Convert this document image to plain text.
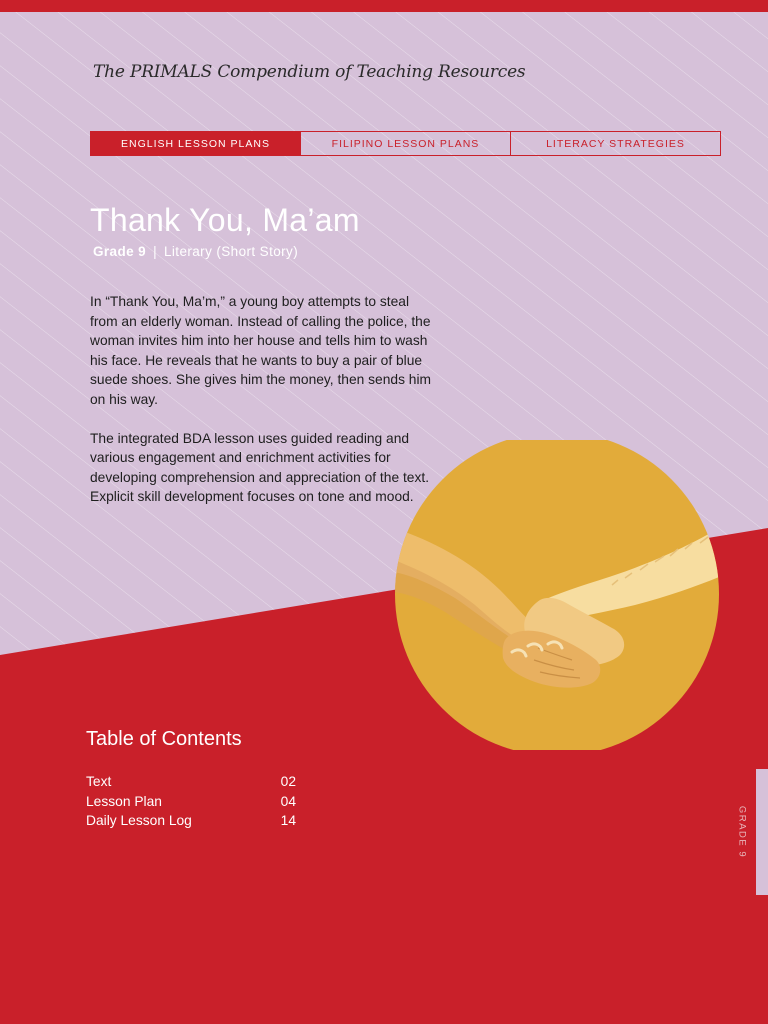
The PRIMALS Compendium of Teaching Resources
ENGLISH LESSON PLANS	FILIPINO LESSON PLANS	LITERACY STRATEGIES
Thank You, Ma’am
Grade 9 | Literary (Short Story)

In “Thank You, Ma’m,” a young boy attempts to steal from an elderly woman. Instead of calling the police, the woman invites him into her house and tells him to wash his face. He reveals that he wants to buy a pair of blue suede shoes. She gives him the money, then sends him on his way.

The integrated BDA lesson uses guided reading and various engagement and enrichment activities for developing comprehension and appreciation of the text. Explicit skill development focuses on tone and mood.

Table of Contents
Text	02
Lesson Plan	04
Daily Lesson Log	14	GRADE 9
